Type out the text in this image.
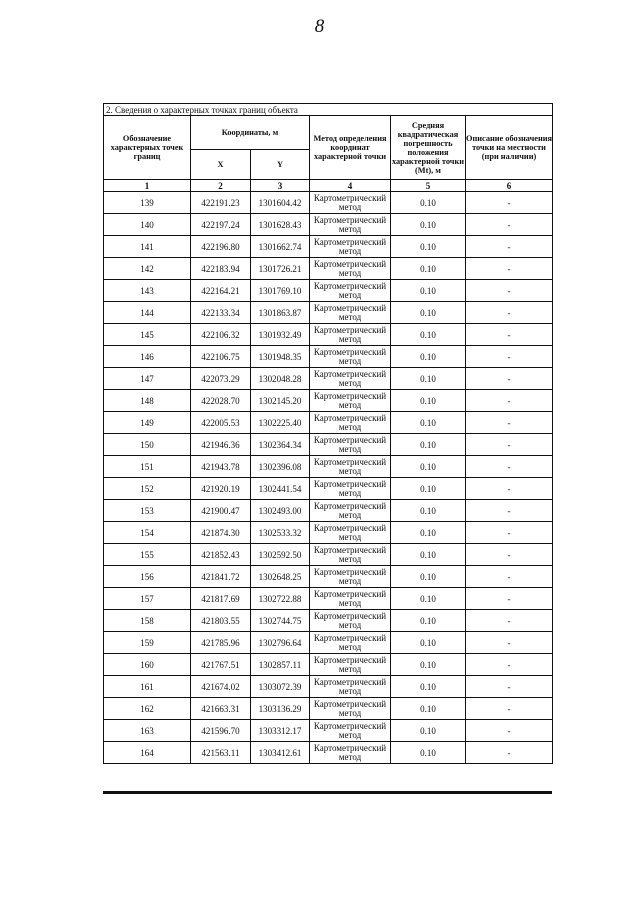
8
2. Сведения о характерных точках границ объекта					
Обозначение характерных точек границ	Координаты, м		Метод определения координат характерной точки	Средняя квадратическая погрешность положения характерной точки (Mt), м	Описание обозначения точки на местности (при наличии)
	X	Y			
1	2	3	4	5	6
139	422191.23	1301604.42	Картометрический метод	0.10	-
140	422197.24	1301628.43	Картометрический метод	0.10	-
141	422196.80	1301662.74	Картометрический метод	0.10	-
142	422183.94	1301726.21	Картометрический метод	0.10	-
143	422164.21	1301769.10	Картометрический метод	0.10	-
144	422133.34	1301863.87	Картометрический метод	0.10	-
145	422106.32	1301932.49	Картометрический метод	0.10	-
146	422106.75	1301948.35	Картометрический метод	0.10	-
147	422073.29	1302048.28	Картометрический метод	0.10	-
148	422028.70	1302145.20	Картометрический метод	0.10	-
149	422005.53	1302225.40	Картометрический метод	0.10	-
150	421946.36	1302364.34	Картометрический метод	0.10	-
151	421943.78	1302396.08	Картометрический метод	0.10	-
152	421920.19	1302441.54	Картометрический метод	0.10	-
153	421900.47	1302493.00	Картометрический метод	0.10	-
154	421874.30	1302533.32	Картометрический метод	0.10	-
155	421852.43	1302592.50	Картометрический метод	0.10	-
156	421841.72	1302648.25	Картометрический метод	0.10	-
157	421817.69	1302722.88	Картометрический метод	0.10	-
158	421803.55	1302744.75	Картометрический метод	0.10	-
159	421785.96	1302796.64	Картометрический метод	0.10	-
160	421767.51	1302857.11	Картометрический метод	0.10	-
161	421674.02	1303072.39	Картометрический метод	0.10	-
162	421663.31	1303136.29	Картометрический метод	0.10	-
163	421596.70	1303312.17	Картометрический метод	0.10	-
164	421563.11	1303412.61	Картометрический метод	0.10	-
